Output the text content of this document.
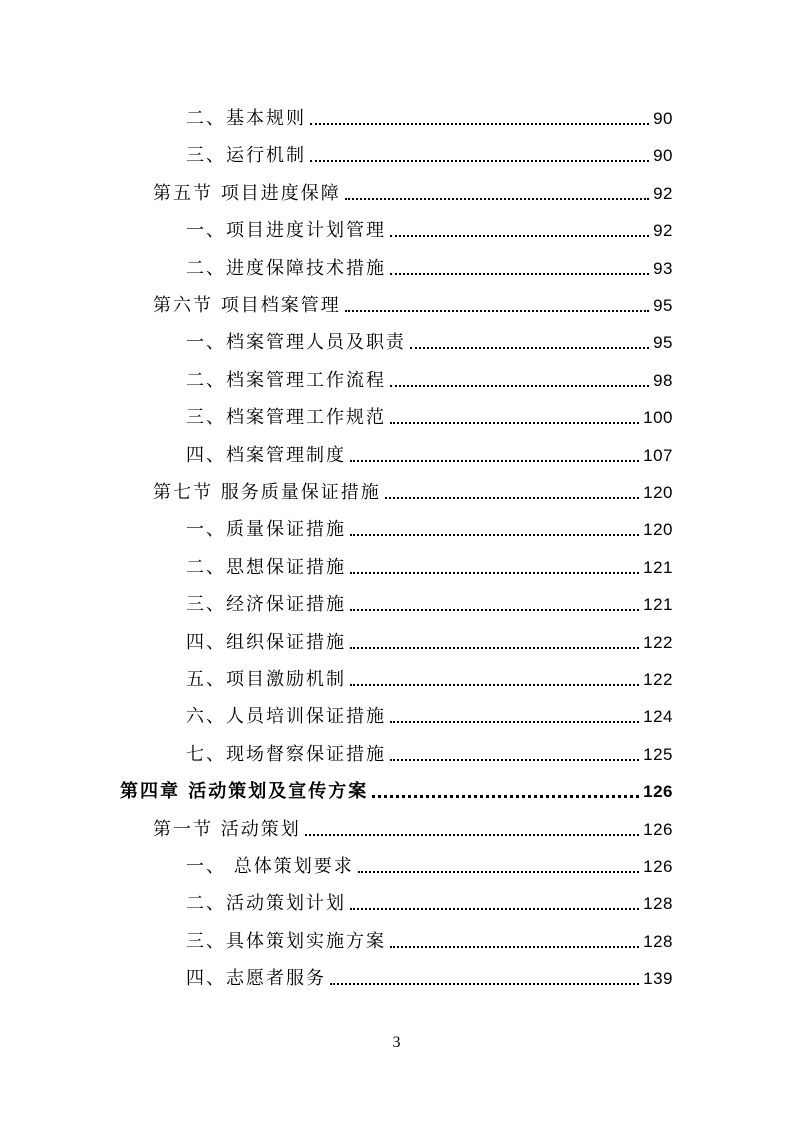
二、基本规则	90
三、运行机制	90
第五节 项目进度保障	92
一、项目进度计划管理	92
二、进度保障技术措施	93
第六节 项目档案管理	95
一、档案管理人员及职责	95
二、档案管理工作流程	98
三、档案管理工作规范	100
四、档案管理制度	107
第七节 服务质量保证措施	120
一、质量保证措施	120
二、思想保证措施	121
三、经济保证措施	121
四、组织保证措施	122
五、项目激励机制	122
六、人员培训保证措施	124
七、现场督察保证措施	125
第四章 活动策划及宣传方案	126
第一节 活动策划	126
一、 总体策划要求	126
二、活动策划计划	128
三、具体策划实施方案	128
四、志愿者服务	139
3
